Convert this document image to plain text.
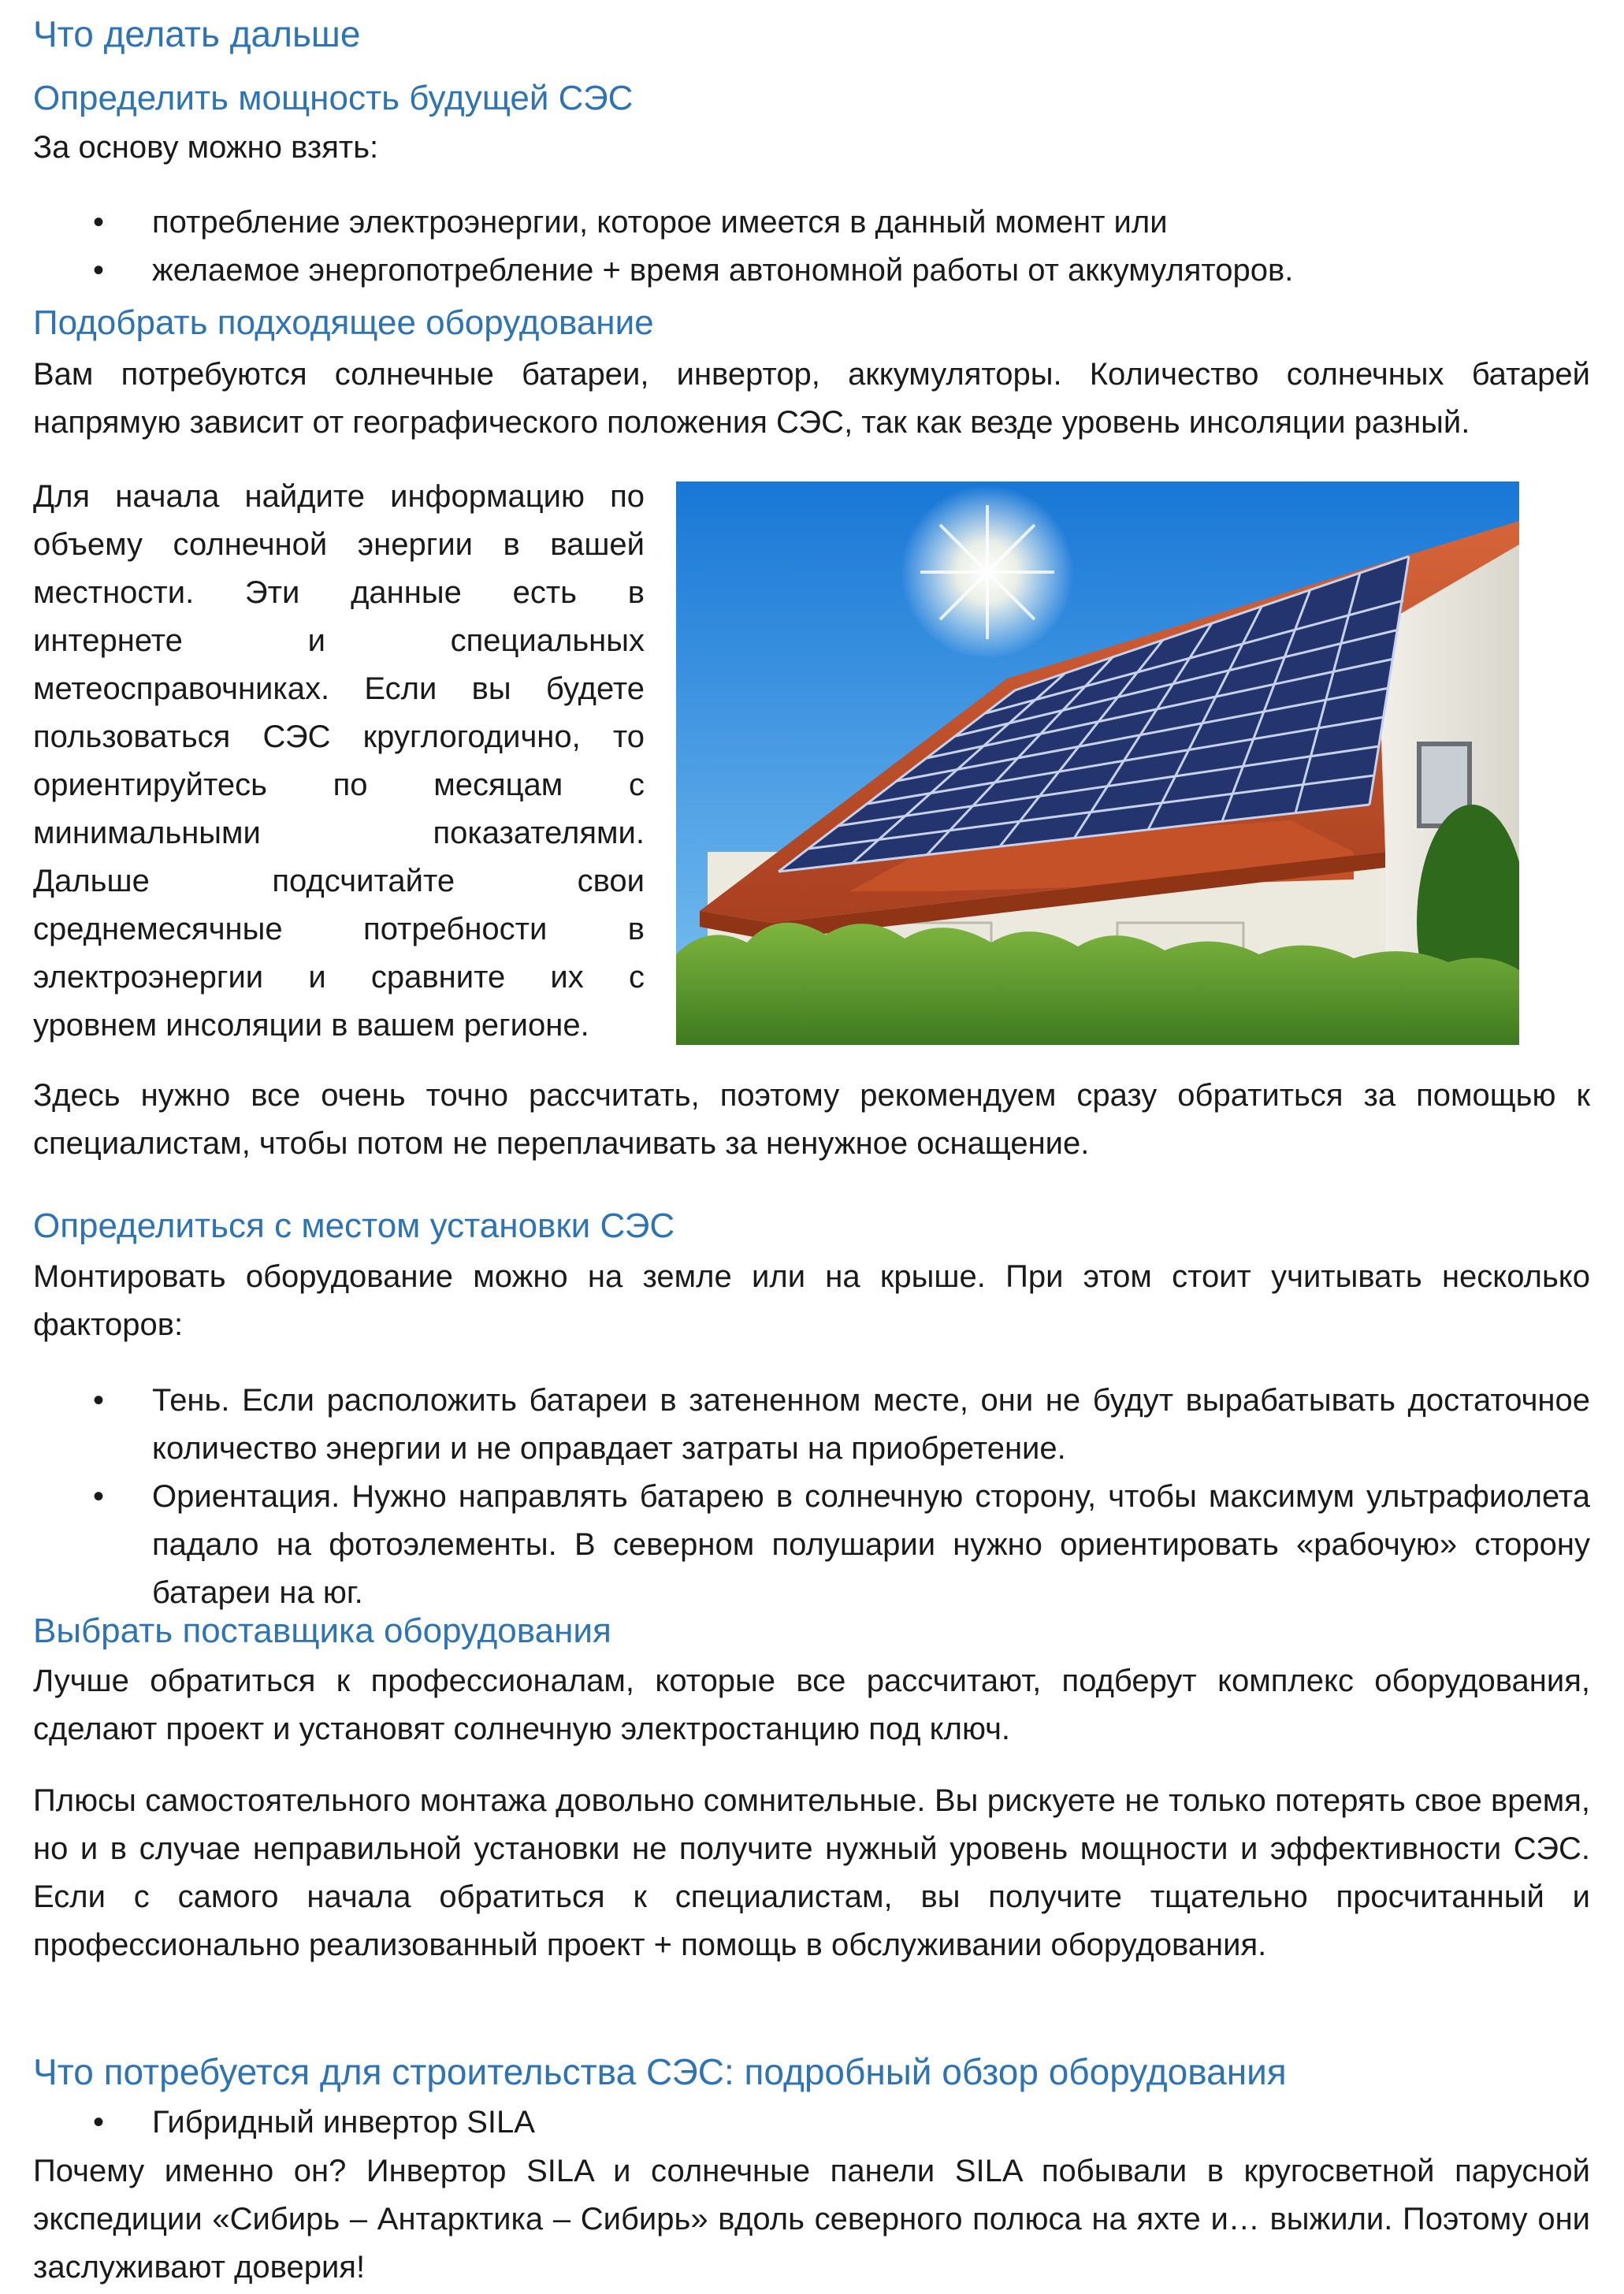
Что делать дальше
Определить мощность будущей СЭС

За основу можно взять:

• потребление электроэнергии, которое имеется в данный момент или
• желаемое энергопотребление + время автономной работы от аккумуляторов.
Подобрать подходящее оборудование

Вам потребуются солнечные батареи, инвертор, аккумуляторы. Количество солнечных батарей напрямую зависит от географического положения СЭС, так как везде уровень инсоляции разный.

Для начала найдите информацию по
объему солнечной энергии в вашей
местности. Эти данные есть в
интернете и специальных
метеосправочниках. Если вы будете
пользоваться СЭС круглогодично, то
ориентируйтесь по месяцам с
минимальными показателями.
Дальше подсчитайте свои
среднемесячные потребности в
электроэнергии и сравните их с
уровнем инсоляции в вашем регионе.

Здесь нужно все очень точно рассчитать, поэтому рекомендуем сразу обратиться за помощью к специалистам, чтобы потом не переплачивать за ненужное оснащение.

Определиться с местом установки СЭС

Монтировать оборудование можно на земле или на крыше. При этом стоит учитывать несколько факторов:

• Тень. Если расположить батареи в затененном месте, они не будут вырабатывать достаточное количество энергии и не оправдает затраты на приобретение.
• Ориентация. Нужно направлять батарею в солнечную сторону, чтобы максимум ультрафиолета падало на фотоэлементы. В северном полушарии нужно ориентировать «рабочую» сторону батареи на юг.
Выбрать поставщика оборудования

Лучше обратиться к профессионалам, которые все рассчитают, подберут комплекс оборудования, сделают проект и установят солнечную электростанцию под ключ.

Плюсы самостоятельного монтажа довольно сомнительные. Вы рискуете не только потерять свое время, но и в случае неправильной установки не получите нужный уровень мощности и эффективности СЭС. Если с самого начала обратиться к специалистам, вы получите тщательно просчитанный и профессионально реализованный проект + помощь в обслуживании оборудования.

Что потребуется для строительства СЭС: подробный обзор оборудования
• Гибридный инвертор SILA

Почему именно он? Инвертор SILA и солнечные панели SILA побывали в кругосветной парусной экспедиции «Сибирь – Антарктика – Сибирь» вдоль северного полюса на яхте и… выжили. Поэтому они заслуживают доверия!
